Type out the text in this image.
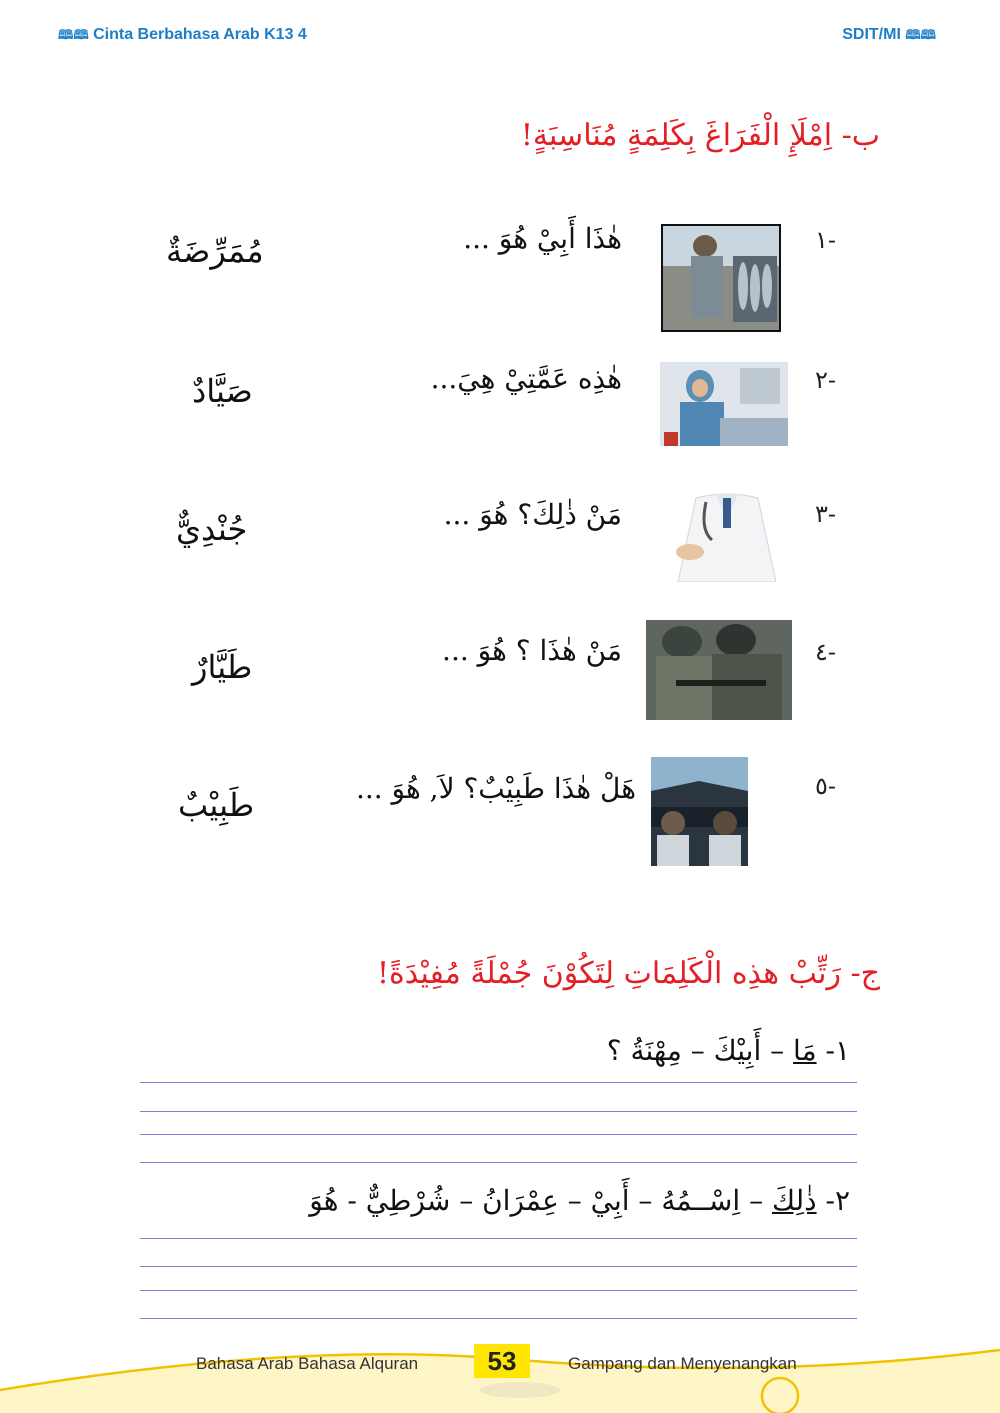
🕮🕮 Cinta Berbahasa Arab K13 4	SDIT/MI 🕮🕮
ب- اِمْلَإِ الْفَرَاغَ بِكَلِمَةٍ مُنَاسِبَةٍ!
-١
هٰذَا أَبِيْ هُوَ ...
مُمَرِّضَةٌ
-٢
هٰذِه عَمَّتِيْ هِيَ...
صَيَّادٌ
-٣
مَنْ ذٰلِكَ؟ هُوَ ...
جُنْدِيٌّ
-٤
مَنْ هٰذَا ؟ هُوَ ...
طَيَّارٌ
-٥
هَلْ هٰذَا طَبِيْبٌ؟ لاَ, هُوَ ...
طَبِيْبٌ
ج- رَتِّبْ هذِه الْكَلِمَاتِ لِتَكُوْنَ جُمْلَةً مُفِيْدَةً!
١- مَا – أَبِيْكَ – مِهْنَةُ ؟
٢- ذٰلِكَ – اِسْــمُهُ – أَبِيْ – عِمْرَانُ – شُرْطِيٌّ - هُوَ
Bahasa Arab Bahasa Alquran	53	Gampang dan Menyenangkan
